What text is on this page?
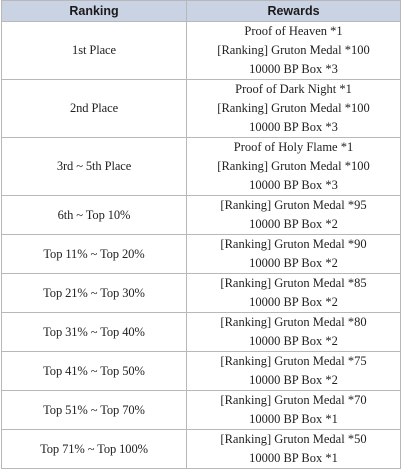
Ranking	Rewards
1st Place	Proof of Heaven *1
[Ranking] Gruton Medal *100
10000 BP Box *3

2nd Place	Proof of Dark Night *1
[Ranking] Gruton Medal *100
10000 BP Box *3

3rd ~ 5th Place	Proof of Holy Flame *1
[Ranking] Gruton Medal *100
10000 BP Box *3

6th ~ Top 10%	[Ranking] Gruton Medal *95
10000 BP Box *2

Top 11% ~ Top 20%	[Ranking] Gruton Medal *90
10000 BP Box *2

Top 21% ~ Top 30%	[Ranking] Gruton Medal *85
10000 BP Box *2

Top 31% ~ Top 40%	[Ranking] Gruton Medal *80
10000 BP Box *2

Top 41% ~ Top 50%	[Ranking] Gruton Medal *75
10000 BP Box *2

Top 51% ~ Top 70%	[Ranking] Gruton Medal *70
10000 BP Box *1

Top 71% ~ Top 100%	[Ranking] Gruton Medal *50
10000 BP Box *1
